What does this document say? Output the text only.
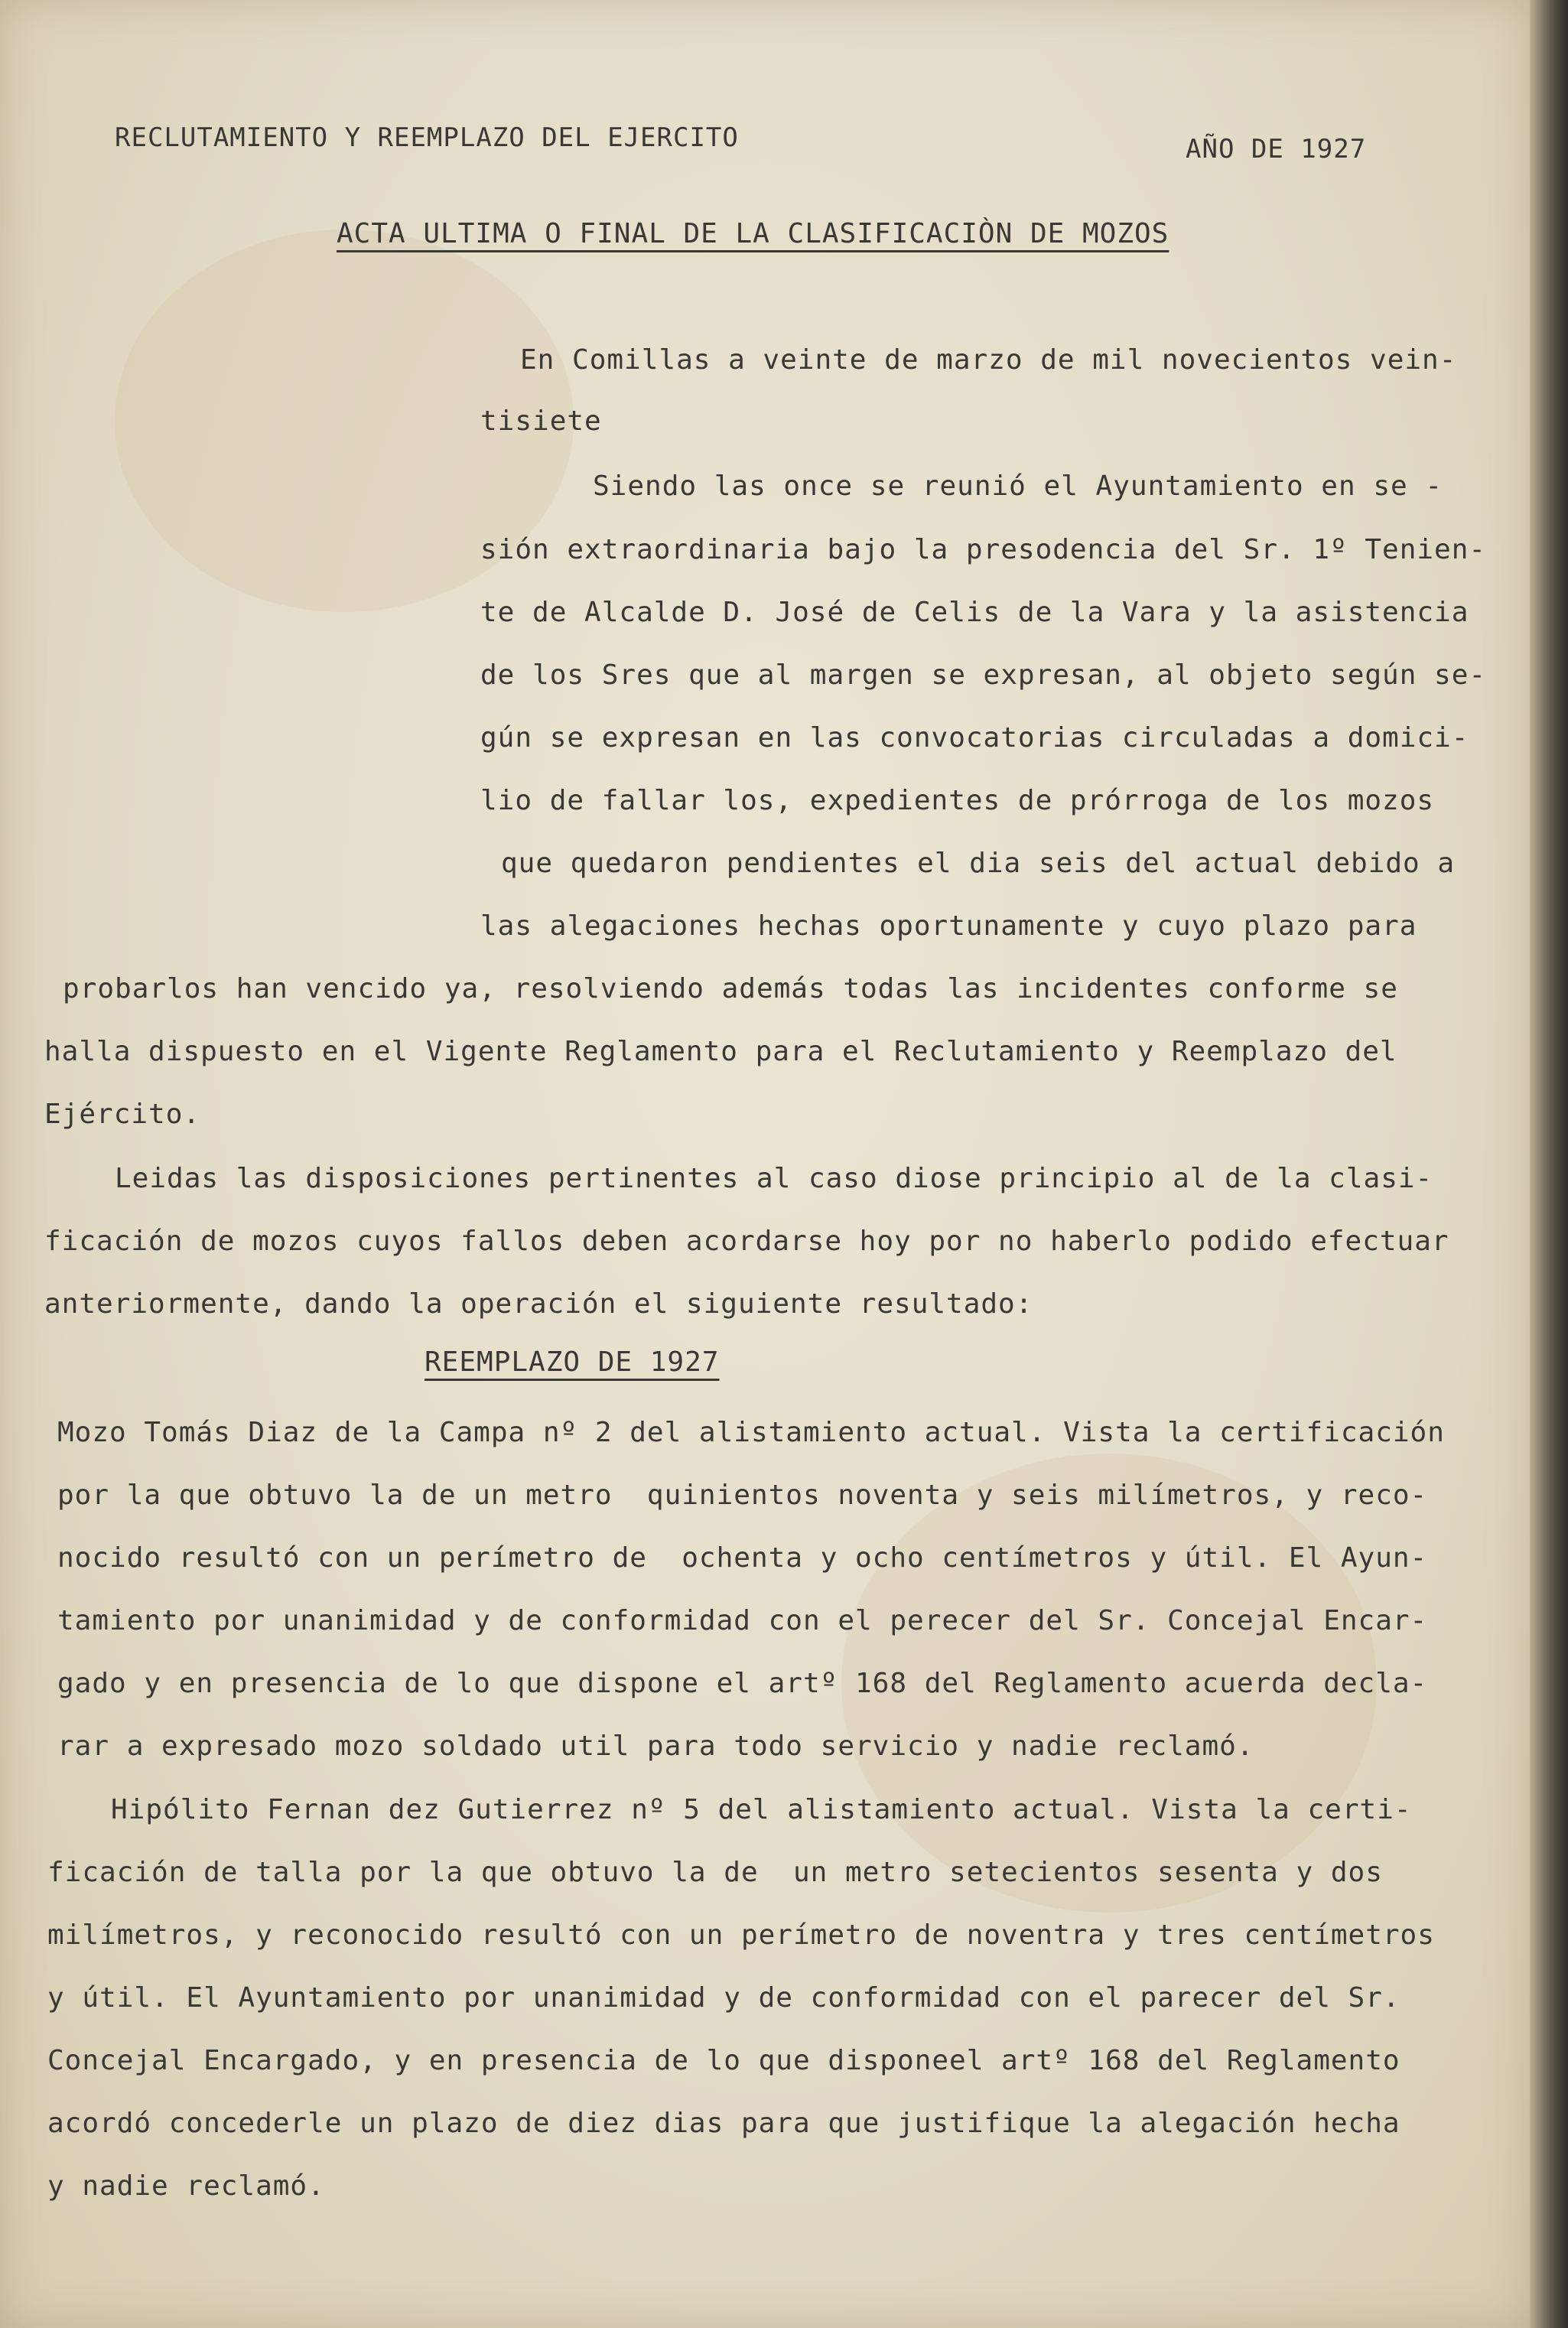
RECLUTAMIENTO Y REEMPLAZO DEL EJERCITO	AÑO DE 1927
ACTA ULTIMA O FINAL DE LA CLASIFICACIÒN DE MOZOS
En Comillas a veinte de marzo de mil novecientos vein-
tisiete
Siendo las once se reunió el Ayuntamiento en se -
sión extraordinaria bajo la presodencia del Sr. 1º Tenien-
te de Alcalde D. José de Celis de la Vara y la asistencia
de los Sres que al margen se expresan, al objeto según se-
gún se expresan en las convocatorias circuladas a domici-
lio de fallar los, expedientes de prórroga de los mozos
que quedaron pendientes el dia seis del actual debido a
las alegaciones hechas oportunamente y cuyo plazo para
probarlos han vencido ya, resolviendo además todas las incidentes conforme se
halla dispuesto en el Vigente Reglamento para el Reclutamiento y Reemplazo del
Ejército.
Leidas las disposiciones pertinentes al caso diose principio al de la clasi-
ficación de mozos cuyos fallos deben acordarse hoy por no haberlo podido efectuar
anteriormente, dando la operación el siguiente resultado:
REEMPLAZO DE 1927
Mozo Tomás Diaz de la Campa nº 2 del alistamiento actual. Vista la certificación
por la que obtuvo la de un metro  quinientos noventa y seis milímetros, y reco-
nocido resultó con un perímetro de  ochenta y ocho centímetros y útil. El Ayun-
tamiento por unanimidad y de conformidad con el perecer del Sr. Concejal Encar-
gado y en presencia de lo que dispone el artº 168 del Reglamento acuerda decla-
rar a expresado mozo soldado util para todo servicio y nadie reclamó.
Hipólito Fernan dez Gutierrez nº 5 del alistamiento actual. Vista la certi-
ficación de talla por la que obtuvo la de  un metro setecientos sesenta y dos
milímetros, y reconocido resultó con un perímetro de noventra y tres centímetros
y útil. El Ayuntamiento por unanimidad y de conformidad con el parecer del Sr.
Concejal Encargado, y en presencia de lo que disponeel artº 168 del Reglamento
acordó concederle un plazo de diez dias para que justifique la alegación hecha
y nadie reclamó.
